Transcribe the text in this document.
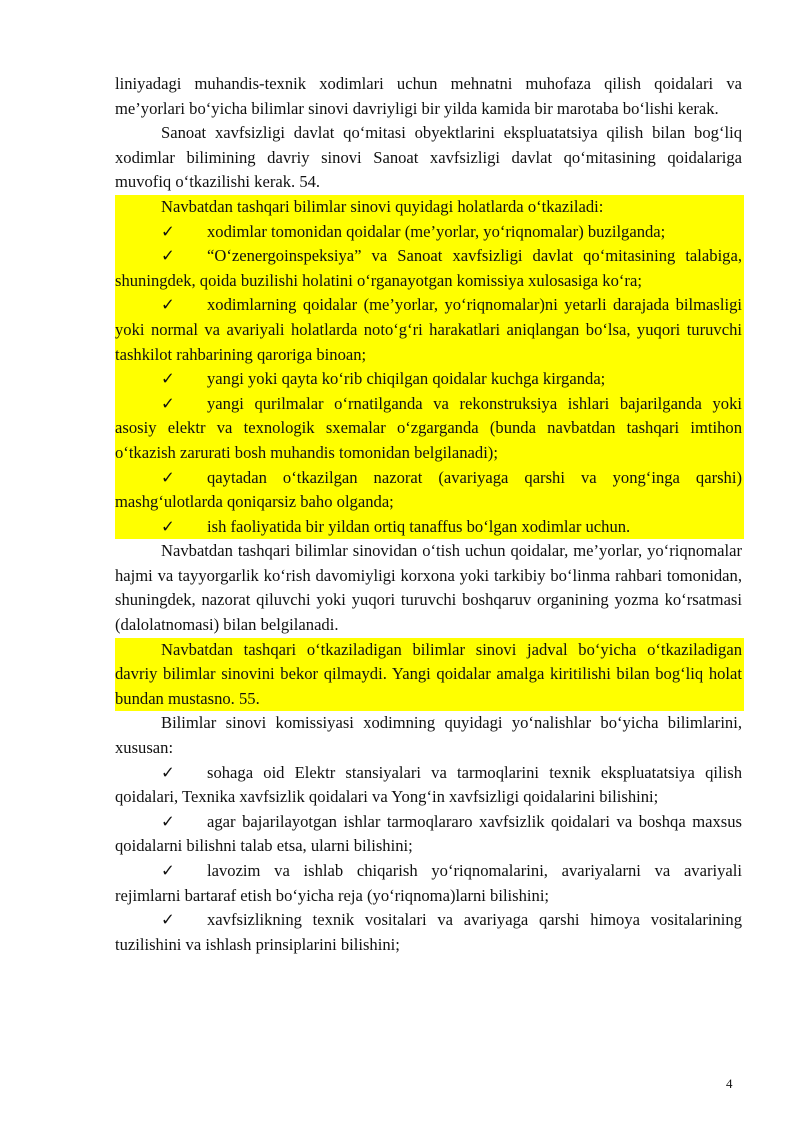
liniyadagi muhandis-texnik xodimlari uchun mehnatni muhofaza qilish qoidalari va me’yorlari bo‘yicha bilimlar sinovi davriyligi bir yilda kamida bir marotaba bo‘lishi kerak.

Sanoat xavfsizligi davlat qo‘mitasi obyektlarini ekspluatatsiya qilish bilan bog‘liq xodimlar bilimining davriy sinovi Sanoat xavfsizligi davlat qo‘mitasining qoidalariga muvofiq o‘tkazilishi kerak. 54.

Navbatdan tashqari bilimlar sinovi quyidagi holatlarda o‘tkaziladi:

✓ xodimlar tomonidan qoidalar (me’yorlar, yo‘riqnomalar) buzilganda;

✓ “O‘zenergoinspeksiya” va Sanoat xavfsizligi davlat qo‘mitasining talabiga, shuningdek, qoida buzilishi holatini o‘rganayotgan komissiya xulosasiga ko‘ra;

✓ xodimlarning qoidalar (me’yorlar, yo‘riqnomalar)ni yetarli darajada bilmasligi yoki normal va avariyali holatlarda noto‘g‘ri harakatlari aniqlangan bo‘lsa, yuqori turuvchi tashkilot rahbarining qaroriga binoan;

✓ yangi yoki qayta ko‘rib chiqilgan qoidalar kuchga kirganda;

✓ yangi qurilmalar o‘rnatilganda va rekonstruksiya ishlari bajarilganda yoki asosiy elektr va texnologik sxemalar o‘zgarganda (bunda navbatdan tashqari imtihon o‘tkazish zarurati bosh muhandis tomonidan belgilanadi);

✓ qaytadan o‘tkazilgan nazorat (avariyaga qarshi va yong‘inga qarshi) mashg‘ulotlarda qoniqarsiz baho olganda;

✓ ish faoliyatida bir yildan ortiq tanaffus bo‘lgan xodimlar uchun.

Navbatdan tashqari bilimlar sinovidan o‘tish uchun qoidalar, me’yorlar, yo‘riqnomalar hajmi va tayyorgarlik ko‘rish davomiyligi korxona yoki tarkibiy bo‘linma rahbari tomonidan, shuningdek, nazorat qiluvchi yoki yuqori turuvchi boshqaruv organining yozma ko‘rsatmasi (dalolatnomasi) bilan belgilanadi.

Navbatdan tashqari o‘tkaziladigan bilimlar sinovi jadval bo‘yicha o‘tkaziladigan davriy bilimlar sinovini bekor qilmaydi. Yangi qoidalar amalga kiritilishi bilan bog‘liq holat bundan mustasno. 55.

Bilimlar sinovi komissiyasi xodimning quyidagi yo‘nalishlar bo‘yicha bilimlarini, xususan:

✓ sohaga oid Elektr stansiyalari va tarmoqlarini texnik ekspluatatsiya qilish qoidalari, Texnika xavfsizlik qoidalari va Yong‘in xavfsizligi qoidalarini bilishini;

✓ agar bajarilayotgan ishlar tarmoqlararo xavfsizlik qoidalari va boshqa maxsus qoidalarni bilishni talab etsa, ularni bilishini;

✓ lavozim va ishlab chiqarish yo‘riqnomalarini, avariyalarni va avariyali rejimlarni bartaraf etish bo‘yicha reja (yo‘riqnoma)larni bilishini;

✓ xavfsizlikning texnik vositalari va avariyaga qarshi himoya vositalarining tuzilishini va ishlash prinsiplarini bilishini;

4
